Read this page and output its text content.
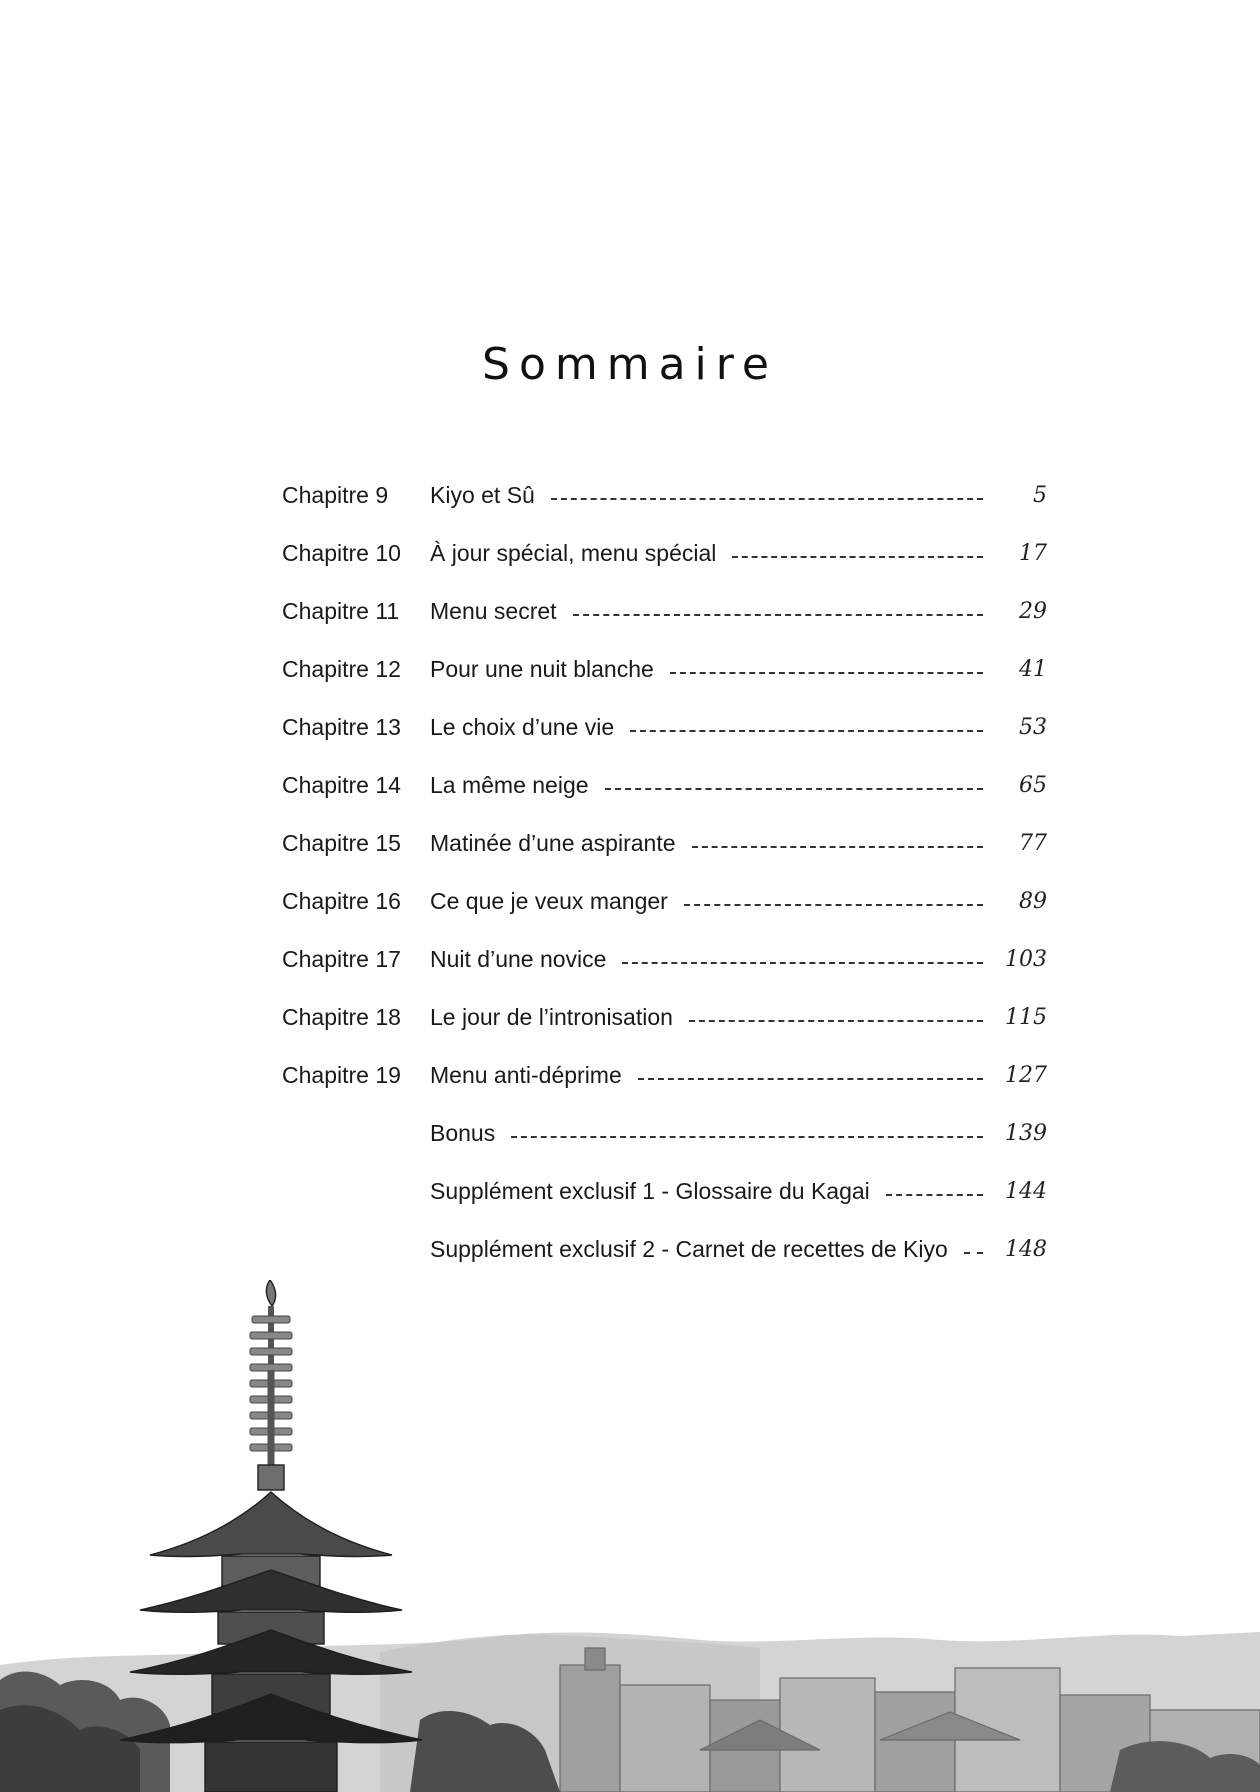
Sommaire
Chapitre 9	Kiyo et Sû	5
Chapitre 10	À jour spécial, menu spécial	17
Chapitre 11	Menu secret	29
Chapitre 12	Pour une nuit blanche	41
Chapitre 13	Le choix d’une vie	53
Chapitre 14	La même neige	65
Chapitre 15	Matinée d’une aspirante	77
Chapitre 16	Ce que je veux manger	89
Chapitre 17	Nuit d’une novice	103
Chapitre 18	Le jour de l’intronisation	115
Chapitre 19	Menu anti-déprime	127
Bonus	139
Supplément exclusif 1 - Glossaire du Kagai	144
Supplément exclusif 2 - Carnet de recettes de Kiyo	148
